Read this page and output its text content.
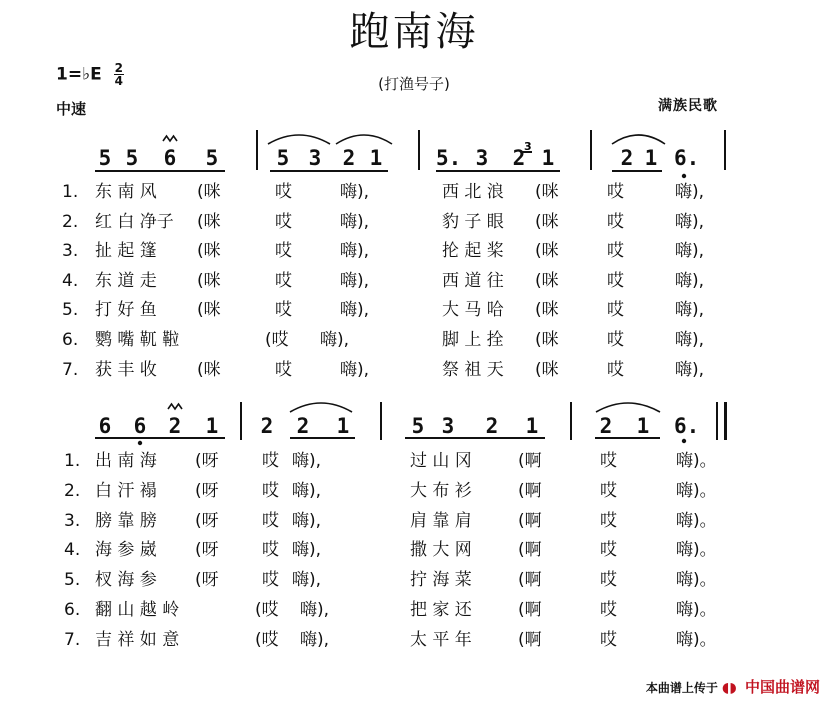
跑南海
(打渔号子)
1=♭E $\frac{2}{4}$
中速	满族民歌
5 5 6 5	5 3 2 1	5. 3 2 1	2 1 6.
1. 东 南 风 (咪	哎	嗨),	西 北 浪 (咪	哎	嗨),
2. 红 白 净子 (咪	哎	嗨),	豹 子 眼 (咪	哎	嗨),
3. 扯 起 篷 (咪	哎	嗨),	抡 起 桨 (咪	哎	嗨),
4. 东 道 走 (咪	哎	嗨),	西 道 往 (咪	哎	嗨),
5. 打 好 鱼 (咪	哎	嗨),	大 马 哈 (咪	哎	嗨),
6. 鹦 嘴 靰 鞡	(哎 嗨),	脚 上 拴 (咪	哎	嗨),
7. 获 丰 收 (咪	哎	嗨),	祭 祖 天 (咪	哎	嗨),
6 6 2 1 2 2 1	5 3 2 1	2 1 6.
1. 出 南 海 (呀	哎 嗨),	过 山 冈	(啊	哎	嗨)。
2. 白 汗 褟 (呀	哎 嗨),	大 布 衫	(啊	哎	嗨)。
3. 膀 靠 膀 (呀	哎 嗨),	肩 靠 肩	(啊	哎	嗨)。
4. 海 参 崴 (呀	哎 嗨),	撒 大 网	(啊	哎	嗨)。
5. 杈 海 参 (呀	哎 嗨),	拧 海 菜	(啊	哎	嗨)。
6. 翻 山 越 岭	(哎 嗨),	把 家 还	(啊	哎	嗨)。
7. 吉 祥 如 意	(哎 嗨),	太 平 年	(啊	哎	嗨)。
3
本曲谱上传于 ◖◗ 中国曲谱网
